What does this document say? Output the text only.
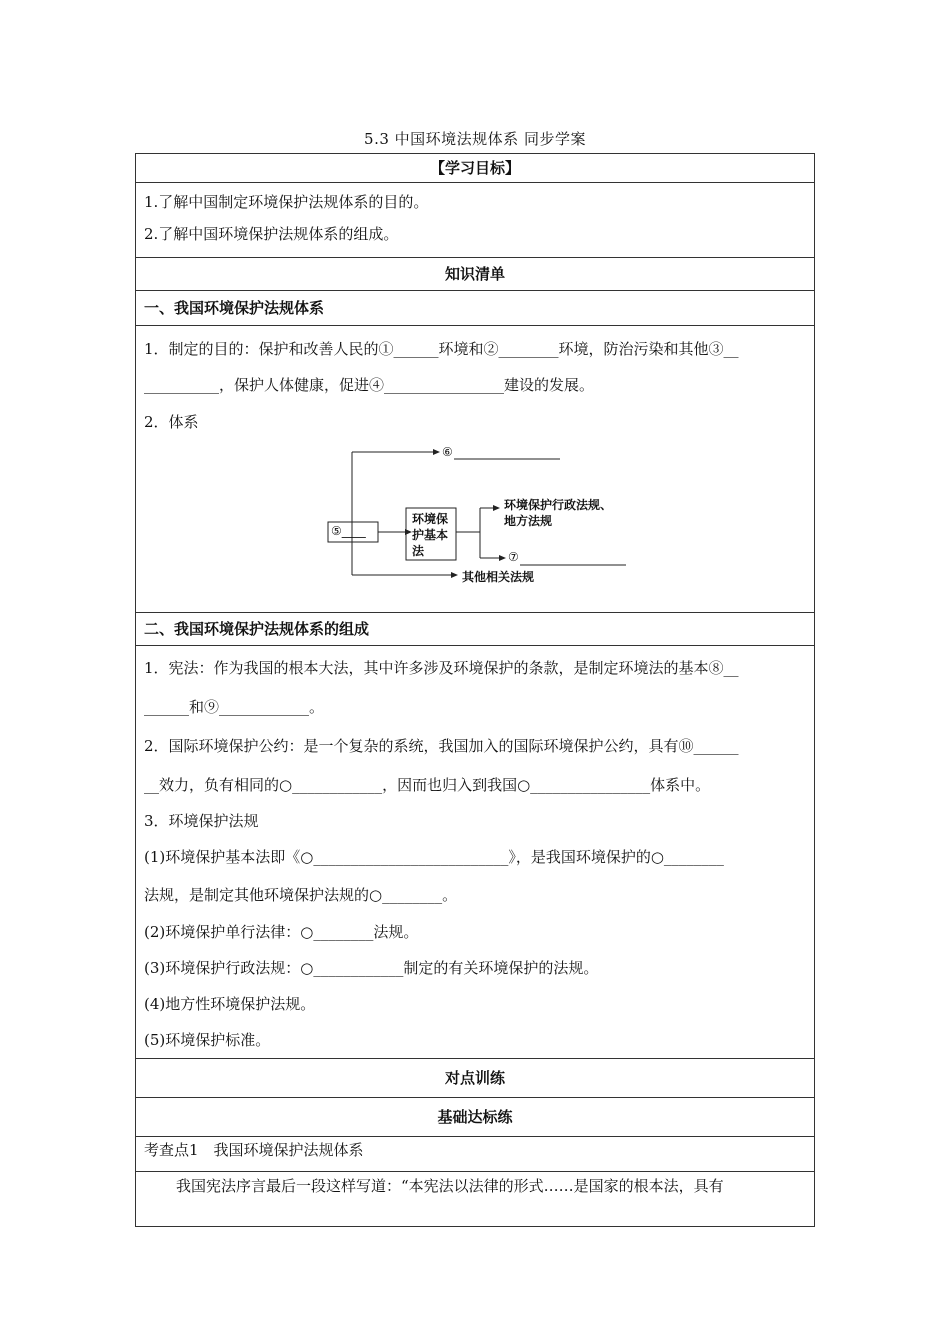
5.3 中国环境法规体系 同步学案
【学习目标】

1.了解中国制定环境保护法规体系的目的。
2.了解中国环境保护法规体系的组成。

知识清单
一、我国环境保护法规体系

1．制定的目的：保护和改善人民的①______环境和②________环境，防治污染和其他③__
__________，保护人体健康，促进④________________建设的发展。
2．体系
⑤____
⑥
环境保
护基本
法
环境保护行政法规、
地方法规
⑦
其他相关法规

二、我国环境保护法规体系的组成

1．宪法：作为我国的根本大法，其中许多涉及环境保护的条款，是制定环境法的基本⑧__
______和⑨____________。
2．国际环境保护公约：是一个复杂的系统，我国加入的国际环境保护公约，具有⑩______
__效力，负有相同的○____________，因而也归入到我国○________________体系中。
3．环境保护法规
(1)环境保护基本法即《○__________________________》，是我国环境保护的○________
法规，是制定其他环境保护法规的○________。
(2)环境保护单行法律：○________法规。
(3)环境保护行政法规：○____________制定的有关环境保护的法规。
(4)地方性环境保护法规。
(5)环境保护标准。

对点训练
基础达标练
考查点1　我国环境保护法规体系

我国宪法序言最后一段这样写道：“本宪法以法律的形式……是国家的根本法，具有
